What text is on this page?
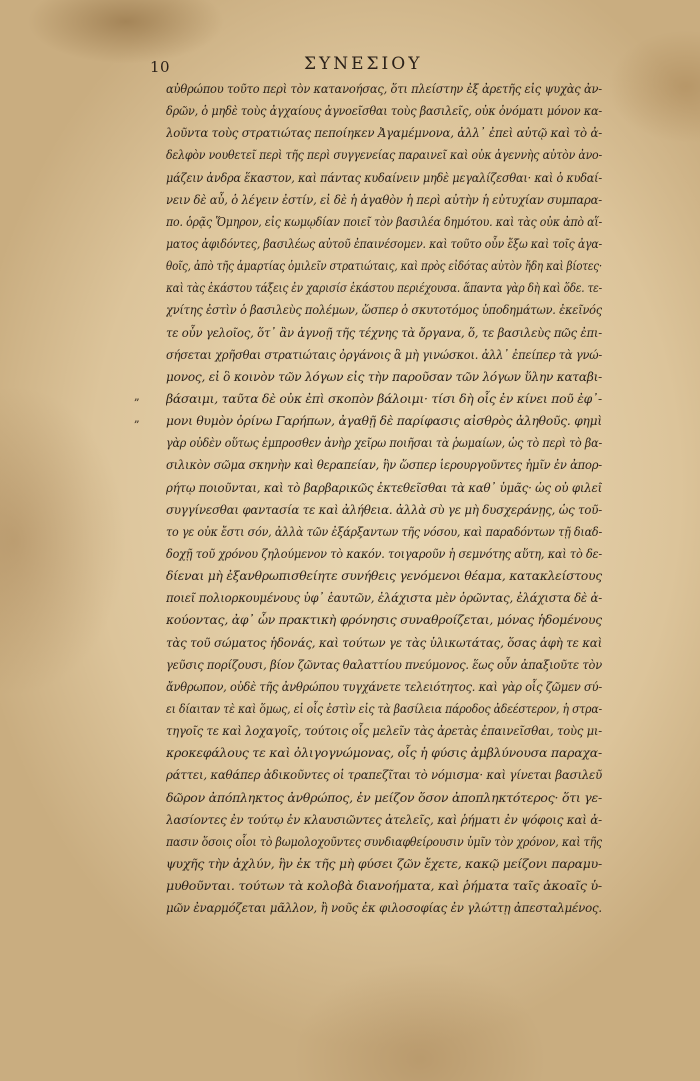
10	ΣΥΝΕΣΙΟΥ
„
„
αὐθρώπου τοῦτο περὶ τὸν κατανοήσας, ὅτι πλείστην ἐξ ἀρετῆς εἰς ψυχὰς ἀν-
δρῶν, ὁ μηδὲ τοὺς ἀγχαίους ἀγνοεῖσθαι τοὺς βασιλεῖς, οὐκ ὀνόματι μόνον κα-
λοῦντα τοὺς στρατιώτας πεποίηκεν Ἀγαμέμνονα, ἀλλ᾽ ἐπεὶ αὐτῷ καὶ τὸ ἀ-
δελφὸν νουθετεῖ περὶ τῆς περὶ συγγενείας παραινεῖ καὶ οὐκ ἀγεννὴς αὐτὸν ἀνο-
μάζειν ἀνδρα ἕκαστον, καὶ πάντας κυδαίνειν μηδὲ μεγαλίζεσθαι· καὶ ὁ κυδαί-
νειν δὲ αὖ, ὁ λέγειν ἐστίν, εἰ δὲ ἡ ἀγαθὸν ἡ περὶ αὐτὴν ἡ εὐτυχίαν συμπαρα-
πο. ὁρᾷς Ὅμηρον, εἰς κωμῳδίαν ποιεῖ τὸν βασιλέα δημότου. καὶ τὰς οὐκ ἀπὸ αἵ-
ματος ἀφιδόντες, βασιλέως αὐτοῦ ἐπαινέσομεν. καὶ τοῦτο οὖν ἔξω καὶ τοῖς ἀγα-
θοῖς, ἀπὸ τῆς ἁμαρτίας ὁμιλεῖν στρατιώταις, καὶ πρὸς εἰδότας αὐτὸν ἤδη καὶ βίοτες·
καὶ τὰς ἑκάστου τάξεις ἐν χαρισίσ ἑκάστου περιέχουσα. ἅπαντα γὰρ δὴ καὶ ὅδε. τε-
χνίτης ἐστὶν ὁ βασιλεὺς πολέμων, ὥσπερ ὁ σκυτοτόμος ὑποδημάτων. ἐκεῖνός
τε οὖν γελοῖος, ὅτ᾽ ἂν ἀγνοῇ τῆς τέχνης τὰ ὄργανα, ὅ, τε βασιλεὺς πῶς ἐπι-
σήσεται χρῆσθαι στρατιώταις ὀργάνοις ἃ μὴ γινώσκοι. ἀλλ᾽ ἐπείπερ τὰ γνώ-
μονος, εἰ ὃ κοινὸν τῶν λόγων εἰς τὴν παροῦσαν τῶν λόγων ὕλην καταβι-
βάσαιμι, ταῦτα δὲ οὐκ ἐπὶ σκοπὸν βάλοιμι· τίσι δὴ οἷς ἐν κίνει ποῦ ἐφ᾽-
μονι θυμὸν ὀρίνω Γαρήπων, ἀγαθῇ δὲ παρίφασις αἰσθρὸς ἀληθοῦς. φημὶ
γὰρ οὐδὲν οὕτως ἐμπροσθεν ἀνὴρ χεῖρω ποιῆσαι τὰ ῥωμαίων, ὡς τὸ περὶ τὸ βα-
σιλικὸν σῶμα σκηνὴν καὶ θεραπείαν, ἣν ὥσπερ ἱερουργοῦντες ἡμῖν ἐν ἀπορ-
ρήτῳ ποιοῦνται, καὶ τὸ βαρβαρικῶς ἐκτεθεῖσθαι τὰ καθ᾽ ὑμᾶς· ὡς οὐ φιλεῖ
συγγίνεσθαι φαντασία τε καὶ ἀλήθεια. ἀλλὰ σὺ γε μὴ δυσχεράνῃς, ὡς τοῦ-
το γε οὐκ ἔστι σόν, ἀλλὰ τῶν ἐξάρξαντων τῆς νόσου, καὶ παραδόντων τῇ διαδ-
δοχῇ τοῦ χρόνου ζηλούμενον τὸ κακόν. τοιγαροῦν ἡ σεμνότης αὕτη, καὶ τὸ δε-
δίεναι μὴ ἐξανθρωπισθείητε συνήθεις γενόμενοι θέαμα, κατακλείστους
ποιεῖ πολιορκουμένους ὑφ᾽ ἑαυτῶν, ἐλάχιστα μὲν ὁρῶντας, ἐλάχιστα δὲ ἀ-
κούοντας, ἀφ᾽ ὧν πρακτικὴ φρόνησις συναθροίζεται, μόνας ἡδομένους
τὰς τοῦ σώματος ἡδονάς, καὶ τούτων γε τὰς ὑλικωτάτας, ὅσας ἁφὴ τε καὶ
γεῦσις πορίζουσι, βίον ζῶντας θαλαττίου πνεύμονος. ἕως οὖν ἀπαξιοῦτε τὸν
ἄνθρωπον, οὐδὲ τῆς ἀνθρώπου τυγχάνετε τελειότητος. καὶ γὰρ οἷς ζῶμεν σύ-
ει δίαιταν τὲ καὶ ὅμως, εἰ οἷς ἐστὶν εἰς τὰ βασίλεια πάροδος ἀδεέστερον, ἡ στρα-
τηγοῖς τε καὶ λοχαγοῖς, τούτοις οἷς μελεῖν τὰς ἀρετὰς ἐπαινεῖσθαι, τοὺς μι-
κροκεφάλους τε καὶ ὀλιγογνώμονας, οἷς ἡ φύσις ἀμβλύνουσα παραχα-
ράττει, καθάπερ ἀδικοῦντες οἱ τραπεζῖται τὸ νόμισμα· καὶ γίνεται βασιλεῦ
δῶρον ἀπόπληκτος ἀνθρώπος, ἐν μείζον ὅσον ἀποπληκτότερος· ὅτι γε-
λασίοντες ἐν τούτῳ ἐν κλαυσιῶντες ἀτελεῖς, καὶ ῥήματι ἐν ψόφοις καὶ ἀ-
πασιν ὅσοις οἷοι τὸ βωμολοχοῦντες συνδιαφθείρουσιν ὑμῖν τὸν χρόνον, καὶ τῆς
ψυχῆς τὴν ἀχλύν, ἣν ἐκ τῆς μὴ φύσει ζῶν ἔχετε, κακῷ μείζονι παραμυ-
μυθοῦνται. τούτων τὰ κολοβὰ διανοήματα, καὶ ῥήματα ταῖς ἀκοαῖς ὑ-
μῶν ἐναρμόζεται μᾶλλον, ἢ νοῦς ἐκ φιλοσοφίας ἐν γλώττῃ ἀπεσταλμένος.
